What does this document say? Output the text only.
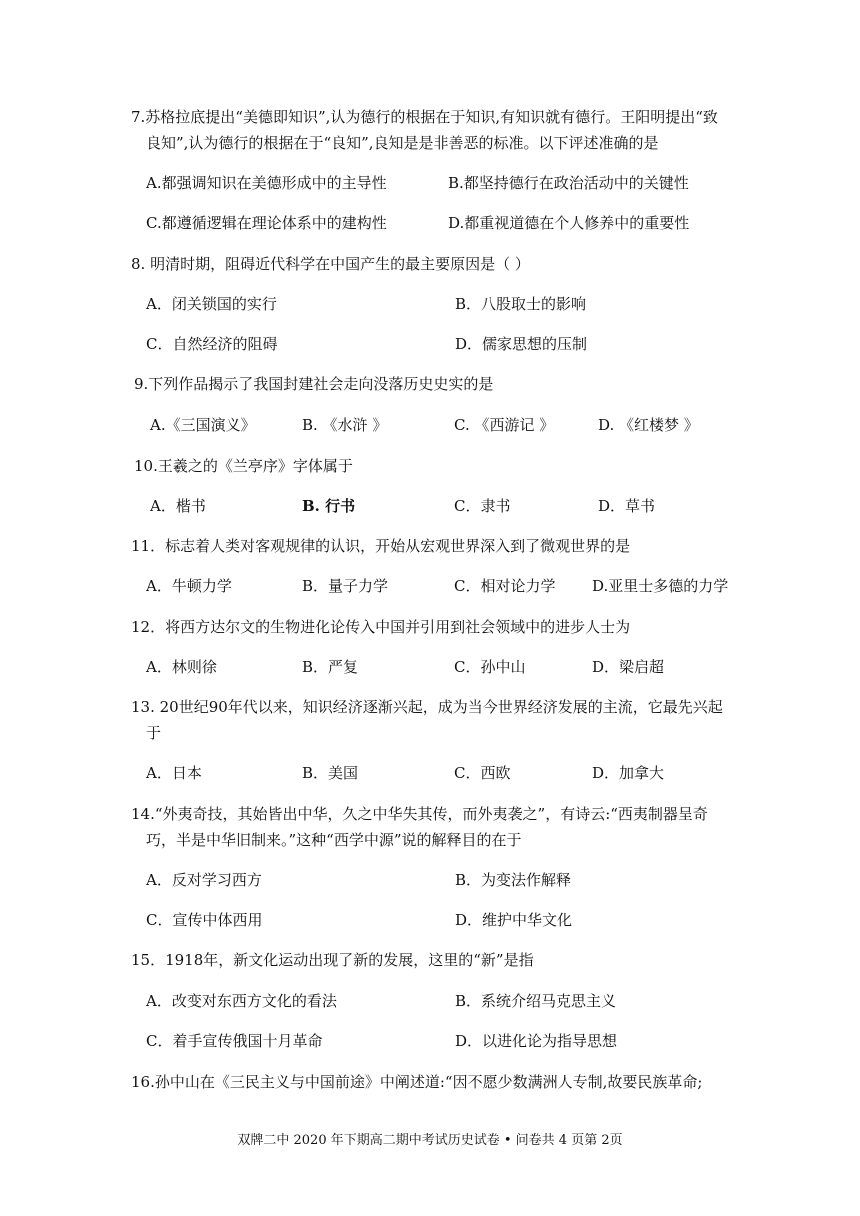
7.苏格拉底提出“美德即知识”,认为德行的根据在于知识,有知识就有德行。王阳明提出“致
良知”,认为德行的根据在于“良知”,良知是是非善恶的标准。以下评述准确的是
A.都强调知识在美德形成中的主导性	B.都坚持德行在政治活动中的关键性
C.都遵循逻辑在理论体系中的建构性	D.都重视道德在个人修养中的重要性
8. 明清时期，阻碍近代科学在中国产生的最主要原因是（ ）
A．闭关锁国的实行	B．八股取士的影响
C．自然经济的阻碍	D．儒家思想的压制
9.下列作品揭示了我国封建社会走向没落历史史实的是
A.《三国演义》	B. 《水浒 》	C. 《西游记 》	D. 《红楼梦 》
10.王羲之的《兰亭序》字体属于
A．楷书	B. 行书	C．隶书	D．草书
11．标志着人类对客观规律的认识，开始从宏观世界深入到了微观世界的是
A．牛顿力学	B．量子力学	C．相对论力学 D.亚里士多德的力学
12．将西方达尔文的生物进化论传入中国并引用到社会领域中的进步人士为
A．林则徐	B．严复	C．孙中山	D．梁启超
13. 20世纪90年代以来，知识经济逐渐兴起，成为当今世界经济发展的主流，它最先兴起
于
A．日本	B．美国	C．西欧	D．加拿大
14.“外夷奇技，其始皆出中华，久之中华失其传，而外夷袭之”，有诗云:“西夷制器呈奇
巧，半是中华旧制来。”这种“西学中源”说的解释目的在于
A．反对学习西方	B．为变法作解释
C．宣传中体西用	D．维护中华文化
15．1918年，新文化运动出现了新的发展，这里的“新”是指
A．改变对东西方文化的看法	B．系统介绍马克思主义
C．着手宣传俄国十月革命	D．以进化论为指导思想
16.孙中山在《三民主义与中国前途》中阐述道:“因不愿少数满洲人专制,故要民族革命;
双牌二中 2020 年下期高二期中考试历史试卷 • 问卷共 4 页第 2页
